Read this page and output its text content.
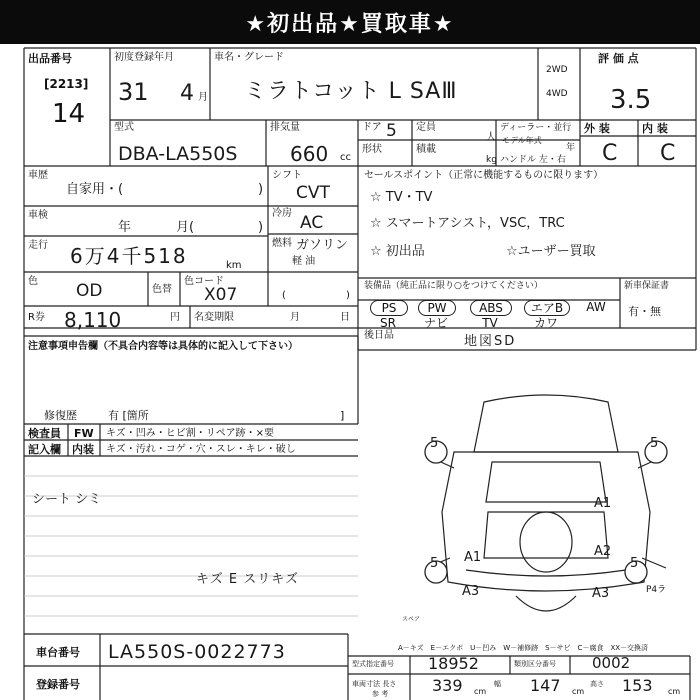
★初出品★買取車★
出品番号
[2213]
14
初度登録年月
31 4 月
車名・グレード
ミラトコット L SAⅢ
2WD
4WD
評 価 点
3.5
外 装	内 装
C C
型式
DBA-LA550S
排気量
660 cc
ドア 5
形状
定員
人
積載
kg
ディーラー・並行
モデル年式
年
ハンドル 左・右
車歴
自家用・(	)
車検
年	月(	)
走行 6万4千518	km
シフト
CVT
冷房 AC
燃料 ガソリン
軽 油
(	)
色 OD	色替
色コード
X07
R券 8,110	円 名変期限	月	日
セールスポイント（正常に機能するものに限ります）
☆ TV・TV
☆ スマートアシスト，VSC，TRC
☆ 初出品	☆ユーザー買取
装備品（純正品に限り○をつけてください）
PS	PW	ABS	エアB	AW
SR	ナビ	TV	カワ
新車保証書
有・無
後日品	地図SD
注意事項申告欄（不具合内容等は具体的に記入して下さい）
修復歴	有 [箇所	]
検査員
記入欄
FW
内装
キズ・凹み・ヒビ割・リペア跡・×要
キズ・汚れ・コゲ・穴・スレ・キレ・破し
シート シミ
キズ E スリキズ
5	5
5	5
A1
A1	A2
A3	A3	P4ラ
スペア
A－キズ　E－エクボ　U－凹み　W－補修跡　S－サビ　C－腐食　XX－交換済
車台番号 LA550S-0022773
登録番号
型式指定番号 18952	類別区分番号 0002
車両寸法 長さ 339 cm
幅 147 cm
高さ 153 cm
参 考
